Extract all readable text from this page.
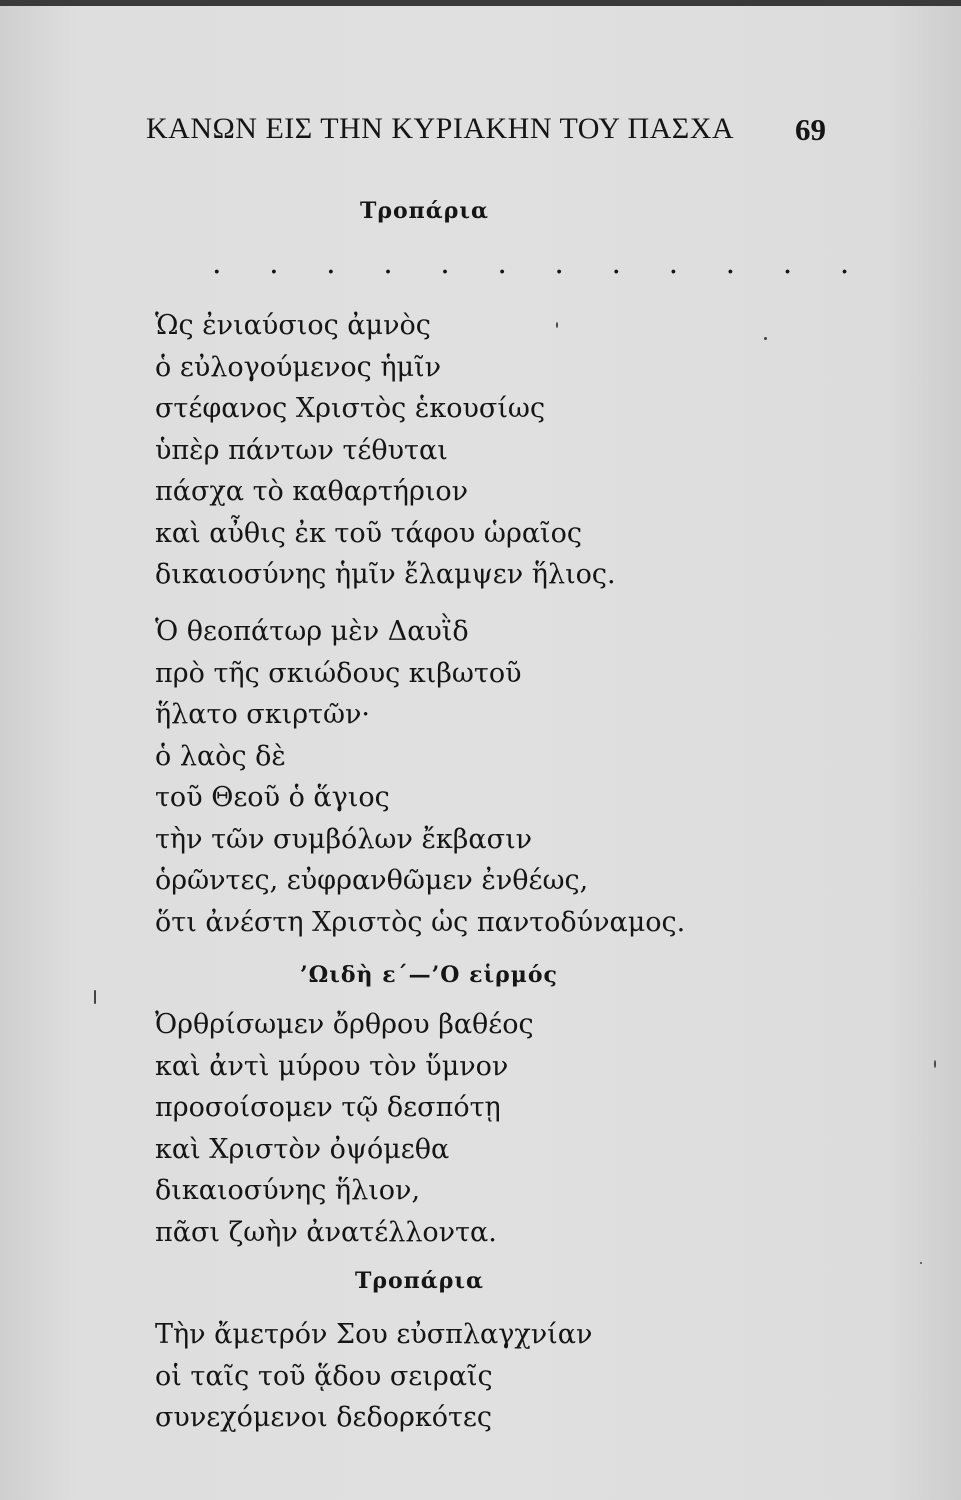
ΚΑΝΩΝ ΕΙΣ ΤΗΝ ΚΥΡΙΑΚΗΝ ΤΟΥ ΠΑΣΧΑ 69
Τροπάρια
. . . . . . . . . . . .
Ὡς ἐνιαύσιος ἀμνὸς
ὁ εὐλογούμενος ἡμῖν
στέφανος Χριστὸς ἑκουσίως
ὑπὲρ πάντων τέθυται
πάσχα τὸ καθαρτήριον
καὶ αὖθις ἐκ τοῦ τάφου ὡραῖος
δικαιοσύνης ἡμῖν ἔλαμψεν ἥλιος.
Ὁ θεοπάτωρ μὲν Δαυῒδ
πρὸ τῆς σκιώδους κιβωτοῦ
ἥλατο σκιρτῶν·
ὁ λαὸς δὲ
τοῦ Θεοῦ ὁ ἅγιος
τὴν τῶν συμβόλων ἔκβασιν
ὁρῶντες, εὐφρανθῶμεν ἐνθέως,
ὅτι ἀνέστη Χριστὸς ὡς παντοδύναμος.
’Ωιδὴ ε΄—’Ο εἱρμός
Ὀρθρίσωμεν ὄρθρου βαθέος
καὶ ἀντὶ μύρου τὸν ὕμνον
προσοίσομεν τῷ δεσπότῃ
καὶ Χριστὸν ὀψόμεθα
δικαιοσύνης ἥλιον,
πᾶσι ζωὴν ἀνατέλλοντα.
Τροπάρια
Τὴν ἄμετρόν Σου εὐσπλαγχνίαν
οἱ ταῖς τοῦ ᾅδου σειραῖς
συνεχόμενοι δεδορκότες
